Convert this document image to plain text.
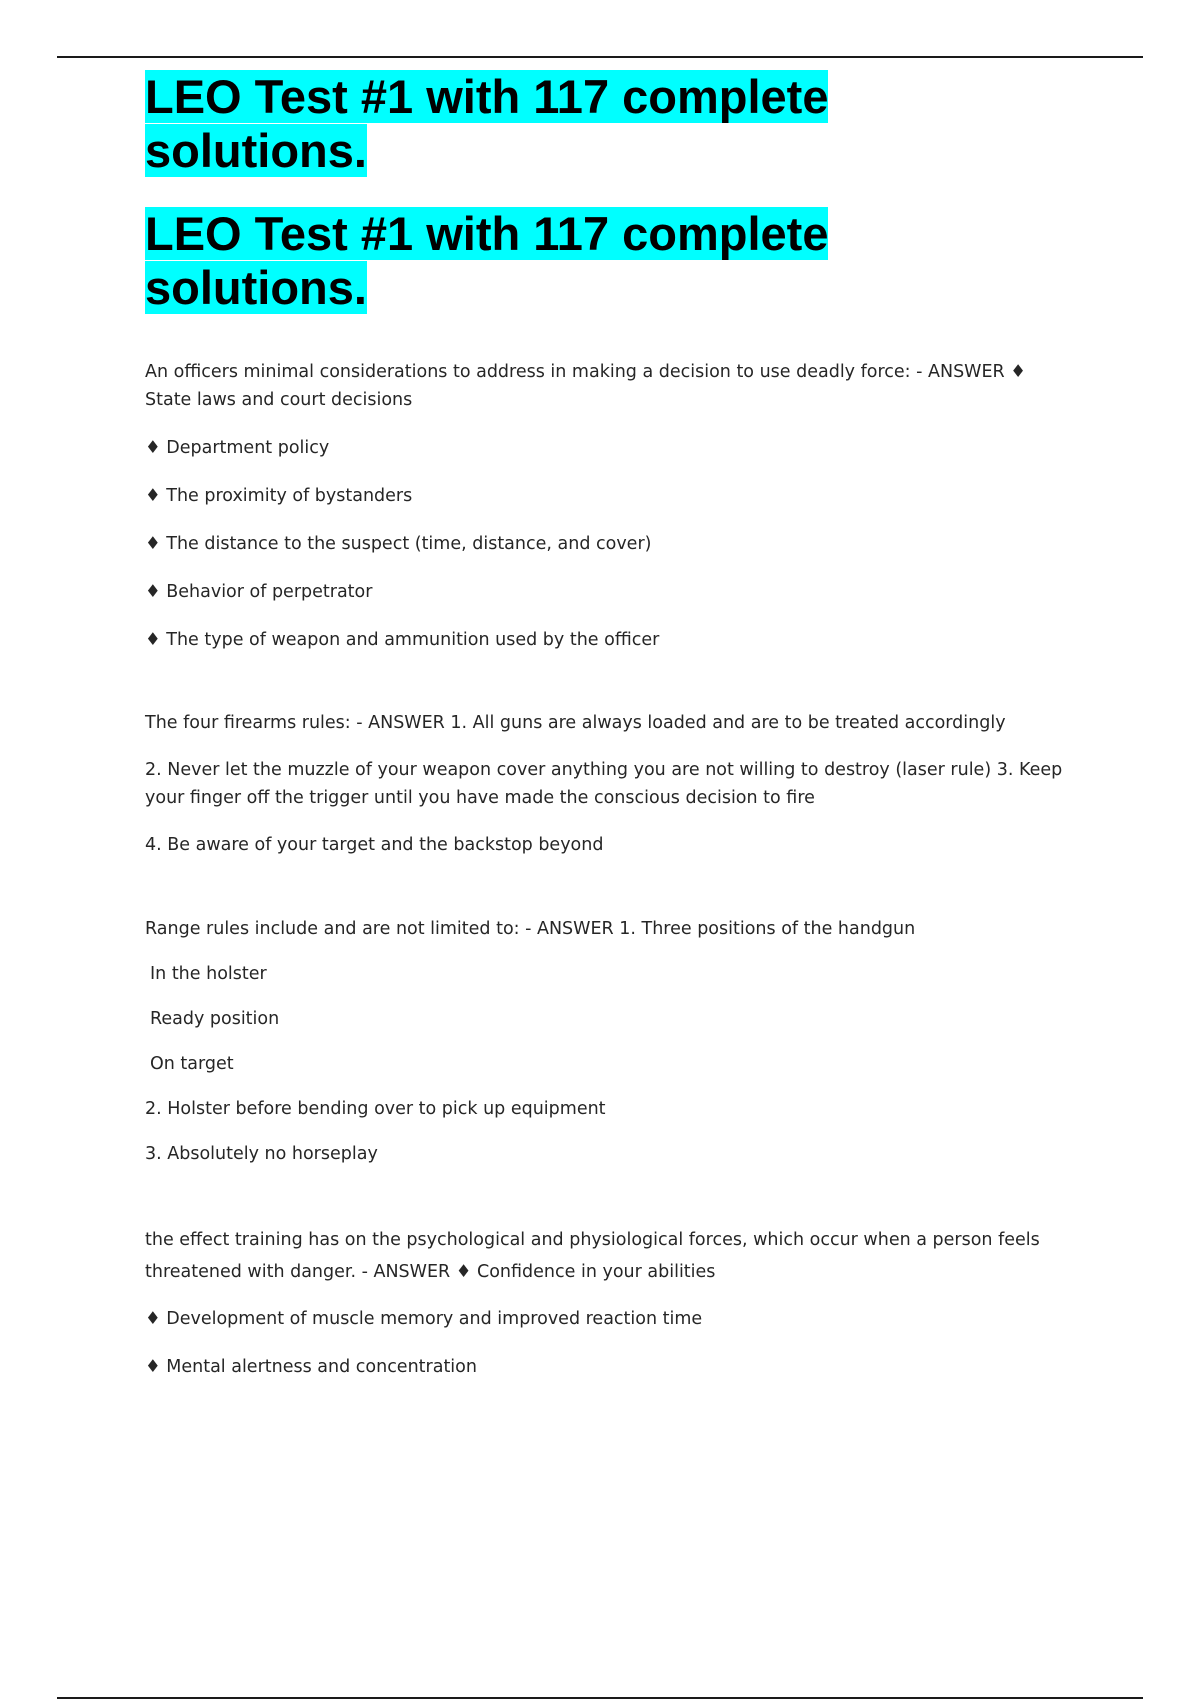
LEO Test #1 with 117 complete solutions.
LEO Test #1 with 117 complete solutions.

An officers minimal considerations to address in making a decision to use deadly force: - ANSWER ♦ State laws and court decisions

♦ Department policy

♦ The proximity of bystanders

♦ The distance to the suspect (time, distance, and cover)

♦ Behavior of perpetrator

♦ The type of weapon and ammunition used by the officer

The four firearms rules: - ANSWER 1. All guns are always loaded and are to be treated accordingly

2. Never let the muzzle of your weapon cover anything you are not willing to destroy (laser rule) 3. Keep your finger off the trigger until you have made the conscious decision to fire

4. Be aware of your target and the backstop beyond

Range rules include and are not limited to: - ANSWER 1. Three positions of the handgun

In the holster

Ready position

On target

2. Holster before bending over to pick up equipment

3. Absolutely no horseplay

the effect training has on the psychological and physiological forces, which occur when a person feels threatened with danger. - ANSWER ♦ Confidence in your abilities

♦ Development of muscle memory and improved reaction time

♦ Mental alertness and concentration
